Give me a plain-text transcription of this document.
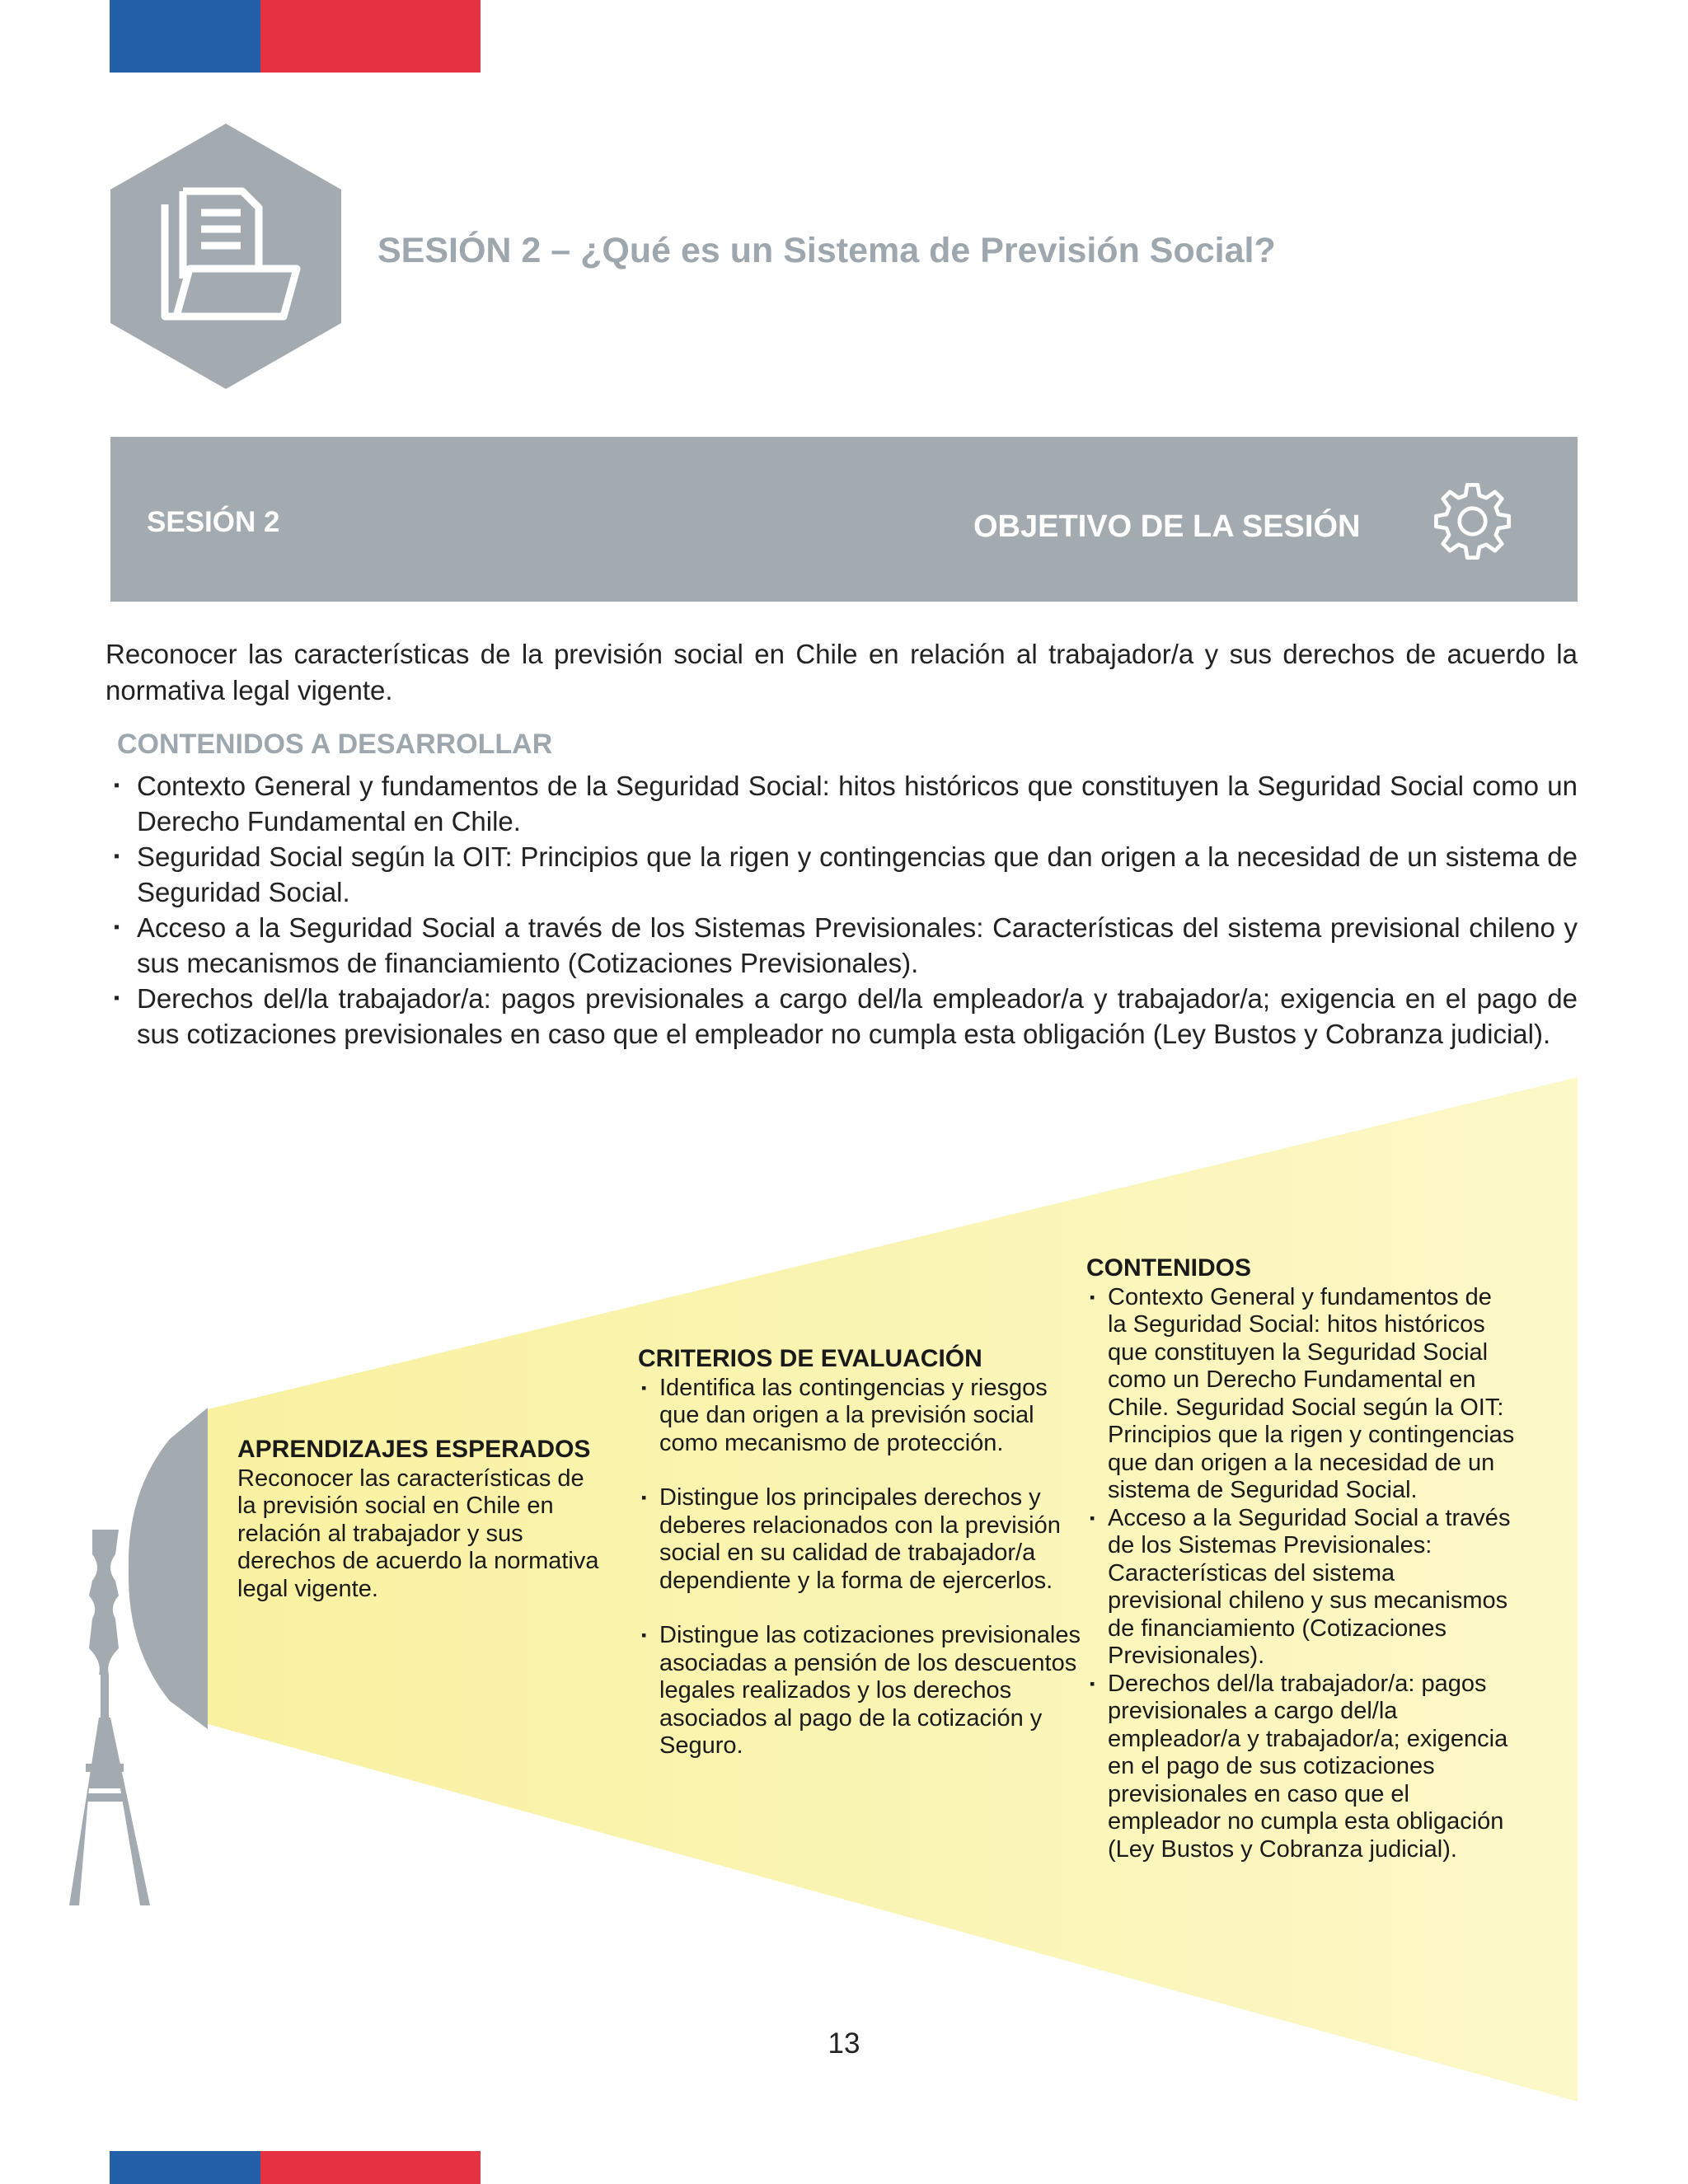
SESIÓN 2 – ¿Qué es un Sistema de Previsión Social?
SESIÓN 2	OBJETIVO DE LA SESIÓN
Reconocer las características de la previsión social en Chile en relación al trabajador/a y sus derechos de acuerdo la normativa legal vigente.
CONTENIDOS A DESARROLLAR
▪ Contexto General y fundamentos de la Seguridad Social: hitos históricos que constituyen la Seguridad Social como un Derecho Fundamental en Chile.
▪ Seguridad Social según la OIT: Principios que la rigen y contingencias que dan origen a la necesidad de un sistema de Seguridad Social.
▪ Acceso a la Seguridad Social a través de los Sistemas Previsionales: Características del sistema previsional chileno y sus mecanismos de financiamiento (Cotizaciones Previsionales).
▪ Derechos del/la trabajador/a: pagos previsionales a cargo del/la empleador/a y trabajador/a; exigencia en el pago de sus cotizaciones previsionales en caso que el empleador no cumpla esta obligación (Ley Bustos y Cobranza judicial).
APRENDIZAJES ESPERADOS
Reconocer las características de la previsión social en Chile en relación al trabajador y sus derechos de acuerdo la normativa legal vigente.
CRITERIOS DE EVALUACIÓN
▪ Identifica las contingencias y riesgos que dan origen a la previsión social como mecanismo de protección.
▪ Distingue los principales derechos y deberes relacionados con la previsión social en su calidad de trabajador/a dependiente y la forma de ejercerlos.
▪ Distingue las cotizaciones previsionales asociadas a pensión de los descuentos legales realizados y los derechos asociados al pago de la cotización y Seguro.
CONTENIDOS
▪ Contexto General y fundamentos de la Seguridad Social: hitos históricos que constituyen la Seguridad Social como un Derecho Fundamental en Chile. Seguridad Social según la OIT: Principios que la rigen y contingencias que dan origen a la necesidad de un sistema de Seguridad Social.
▪ Acceso a la Seguridad Social a través de los Sistemas Previsionales: Características del sistema previsional chileno y sus mecanismos de financiamiento (Cotizaciones Previsionales).
▪ Derechos del/la trabajador/a: pagos previsionales a cargo del/la empleador/a y trabajador/a; exigencia en el pago de sus cotizaciones previsionales en caso que el empleador no cumpla esta obligación (Ley Bustos y Cobranza judicial).
13
